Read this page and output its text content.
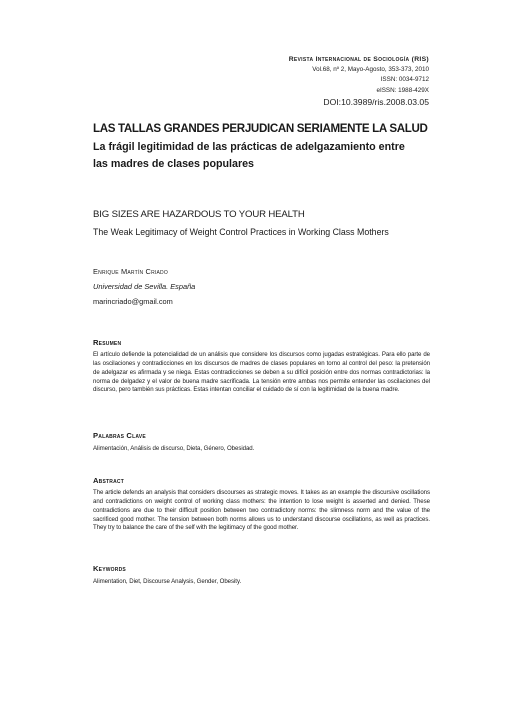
Revista Internacional de Sociología (RIS)
Vol.68, nº 2, Mayo-Agosto, 353-373, 2010
ISSN: 0034-9712
eISSN: 1988-429X
DOI:10.3989/ris.2008.03.05
LAS TALLAS GRANDES PERJUDICAN SERIAMENTE LA SALUD
La frágil legitimidad de las prácticas de adelgazamiento entre
las madres de clases populares
BIG SIZES ARE HAZARDOUS TO YOUR HEALTH
The Weak Legitimacy of Weight Control Practices in Working Class Mothers
Enrique Martín Criado
Universidad de Sevilla. España
marincriado@gmail.com
Resumen
El artículo defiende la potencialidad de un análisis que considere los discursos como jugadas estratégicas. Para ello parte de las oscilaciones y contradicciones en los discursos de madres de clases populares en torno al control del peso: la pretensión de adelgazar es afirmada y se niega. Estas contradicciones se deben a su difícil posición entre dos normas contradictorias: la norma de delgadez y el valor de buena madre sacrificada. La tensión entre ambas nos permite entender las oscilaciones del discurso, pero también sus prácticas. Estas intentan conciliar el cuidado de sí con la legitimidad de la buena madre.
Palabras Clave
Alimentación, Análisis de discurso, Dieta, Género, Obesidad.
Abstract
The article defends an analysis that considers discourses as strategic moves. It takes as an example the discursive oscillations and contradictions on weight control of working class mothers: the intention to lose weight is asserted and denied. These contradictions are due to their difficult position between two contradictory norms: the slimness norm and the value of the sacrificed good mother. The tension between both norms allows us to understand discourse oscillations, as well as practices. They try to balance the care of the self with the legitimacy of the good mother.
Keywords
Alimentation, Diet, Discourse Analysis, Gender, Obesity.
